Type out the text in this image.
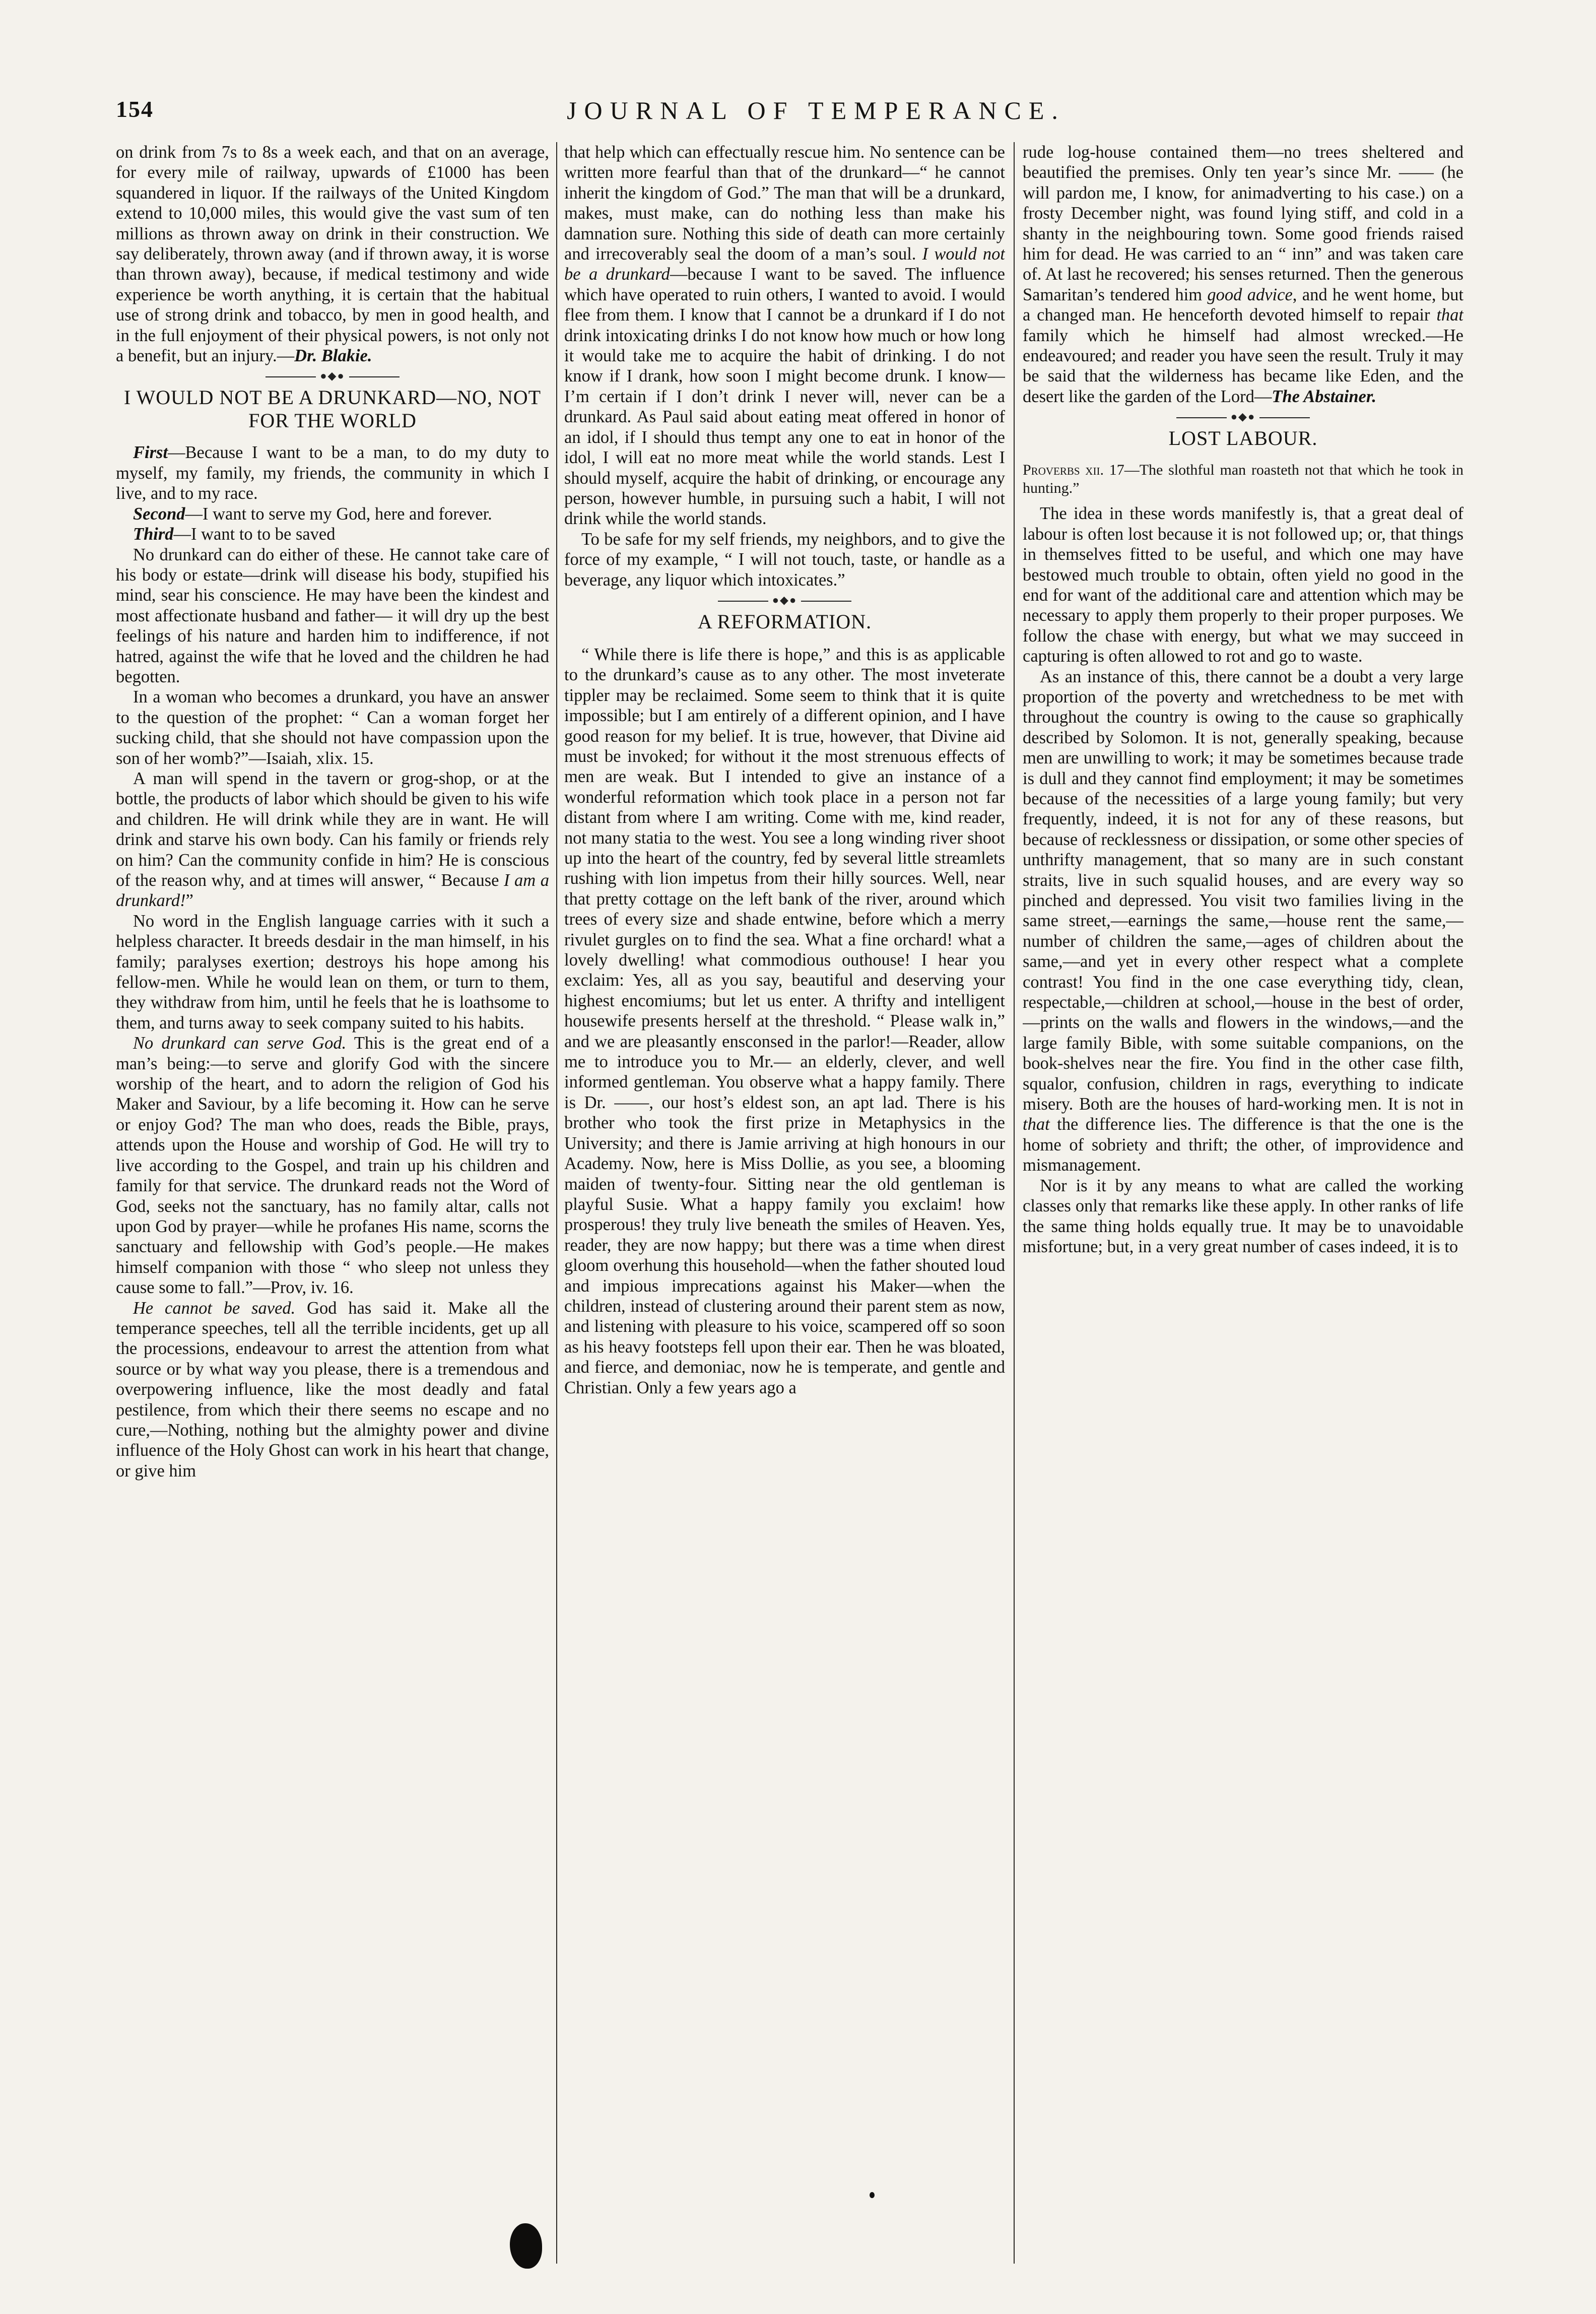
154	JOURNAL OF TEMPERANCE.

on drink from 7s to 8s a week each, and that on an average, for every mile of railway, upwards of £1000 has been squandered in liquor. If the railways of the United Kingdom extend to 10,000 miles, this would give the vast sum of ten millions as thrown away on drink in their construction. We say deliberately, thrown away (and if thrown away, it is worse than thrown away), because, if medical testimony and wide experience be worth anything, it is certain that the habitual use of strong drink and tobacco, by men in good health, and in the full enjoyment of their physical powers, is not only not a benefit, but an injury.—Dr. Blakie.

●◆●
I WOULD NOT BE A DRUNKARD—NO, NOT FOR THE WORLD

First—Because I want to be a man, to do my duty to myself, my family, my friends, the community in which I live, and to my race.

Second—I want to serve my God, here and forever.

Third—I want to to be saved

No drunkard can do either of these. He cannot take care of his body or estate—drink will disease his body, stupified his mind, sear his conscience. He may have been the kindest and most affectionate husband and father— it will dry up the best feelings of his nature and harden him to indifference, if not hatred, against the wife that he loved and the children he had begotten.

In a woman who becomes a drunkard, you have an answer to the question of the prophet: “ Can a woman forget her sucking child, that she should not have compassion upon the son of her womb?”—Isaiah, xlix. 15.

A man will spend in the tavern or grog-shop, or at the bottle, the products of labor which should be given to his wife and children. He will drink while they are in want. He will drink and starve his own body. Can his family or friends rely on him? Can the community confide in him? He is conscious of the reason why, and at times will answer, “ Because I am a drunkard!”

No word in the English language carries with it such a helpless character. It breeds desdair in the man himself, in his family; paralyses exertion; destroys his hope among his fellow-men. While he would lean on them, or turn to them, they withdraw from him, until he feels that he is loathsome to them, and turns away to seek company suited to his habits.

No drunkard can serve God. This is the great end of a man’s being:—to serve and glorify God with the sincere worship of the heart, and to adorn the religion of God his Maker and Saviour, by a life becoming it. How can he serve or enjoy God? The man who does, reads the Bible, prays, attends upon the House and worship of God. He will try to live according to the Gospel, and train up his children and family for that service. The drunkard reads not the Word of God, seeks not the sanctuary, has no family altar, calls not upon God by prayer—while he profanes His name, scorns the sanctuary and fellowship with God’s people.—He makes himself companion with those “ who sleep not unless they cause some to fall.”—Prov, iv. 16.

He cannot be saved. God has said it. Make all the temperance speeches, tell all the terrible incidents, get up all the processions, endeavour to arrest the attention from what source or by what way you please, there is a tremendous and overpowering influence, like the most deadly and fatal pestilence, from which their there seems no escape and no cure,—Nothing, nothing but the almighty power and divine influence of the Holy Ghost can work in his heart that change, or give him

that help which can effectually rescue him. No sentence can be written more fearful than that of the drunkard—“ he cannot inherit the kingdom of God.” The man that will be a drunkard, makes, must make, can do nothing less than make his damnation sure. Nothing this side of death can more certainly and irrecoverably seal the doom of a man’s soul. I would not be a drunkard—because I want to be saved. The influence which have operated to ruin others, I wanted to avoid. I would flee from them. I know that I cannot be a drunkard if I do not drink intoxicating drinks I do not know how much or how long it would take me to acquire the habit of drinking. I do not know if I drank, how soon I might become drunk. I know—I’m certain if I don’t drink I never will, never can be a drunkard. As Paul said about eating meat offered in honor of an idol, if I should thus tempt any one to eat in honor of the idol, I will eat no more meat while the world stands. Lest I should myself, acquire the habit of drinking, or encourage any person, however humble, in pursuing such a habit, I will not drink while the world stands.

To be safe for my self friends, my neighbors, and to give the force of my example, “ I will not touch, taste, or handle as a beverage, any liquor which intoxicates.”

●◆●
A REFORMATION.

“ While there is life there is hope,” and this is as applicable to the drunkard’s cause as to any other. The most inveterate tippler may be reclaimed. Some seem to think that it is quite impossible; but I am entirely of a different opinion, and I have good reason for my belief. It is true, however, that Divine aid must be invoked; for without it the most strenuous effects of men are weak. But I intended to give an instance of a wonderful reformation which took place in a person not far distant from where I am writing. Come with me, kind reader, not many statia to the west. You see a long winding river shoot up into the heart of the country, fed by several little streamlets rushing with lion impetus from their hilly sources. Well, near that pretty cottage on the left bank of the river, around which trees of every size and shade entwine, before which a merry rivulet gurgles on to find the sea. What a fine orchard! what a lovely dwelling! what commodious outhouse! I hear you exclaim: Yes, all as you say, beautiful and deserving your highest encomiums; but let us enter. A thrifty and intelligent housewife presents herself at the threshold. “ Please walk in,” and we are pleasantly ensconsed in the parlor!—Reader, allow me to introduce you to Mr.— an elderly, clever, and well informed gentleman. You observe what a happy family. There is Dr. ——, our host’s eldest son, an apt lad. There is his brother who took the first prize in Metaphysics in the University; and there is Jamie arriving at high honours in our Academy. Now, here is Miss Dollie, as you see, a blooming maiden of twenty-four. Sitting near the old gentleman is playful Susie. What a happy family you exclaim! how prosperous! they truly live beneath the smiles of Heaven. Yes, reader, they are now happy; but there was a time when direst gloom overhung this household—when the father shouted loud and impious imprecations against his Maker—when the children, instead of clustering around their parent stem as now, and listening with pleasure to his voice, scampered off so soon as his heavy footsteps fell upon their ear. Then he was bloated, and fierce, and demoniac, now he is temperate, and gentle and Christian. Only a few years ago a

rude log-house contained them—no trees sheltered and beautified the premises. Only ten year’s since Mr. —— (he will pardon me, I know, for animadverting to his case.) on a frosty December night, was found lying stiff, and cold in a shanty in the neighbouring town. Some good friends raised him for dead. He was carried to an “ inn” and was taken care of. At last he recovered; his senses returned. Then the generous Samaritan’s tendered him good advice, and he went home, but a changed man. He henceforth devoted himself to repair that family which he himself had almost wrecked.—He endeavoured; and reader you have seen the result. Truly it may be said that the wilderness has became like Eden, and the desert like the garden of the Lord—The Abstainer.

●◆●
LOST LABOUR.

Proverbs xii. 17—The slothful man roasteth not that which he took in hunting.”

The idea in these words manifestly is, that a great deal of labour is often lost because it is not followed up; or, that things in themselves fitted to be useful, and which one may have bestowed much trouble to obtain, often yield no good in the end for want of the additional care and attention which may be necessary to apply them properly to their proper purposes. We follow the chase with energy, but what we may succeed in capturing is often allowed to rot and go to waste.

As an instance of this, there cannot be a doubt a very large proportion of the poverty and wretchedness to be met with throughout the country is owing to the cause so graphically described by Solomon. It is not, generally speaking, because men are unwilling to work; it may be sometimes because trade is dull and they cannot find employment; it may be sometimes because of the necessities of a large young family; but very frequently, indeed, it is not for any of these reasons, but because of recklessness or dissipation, or some other species of unthrifty management, that so many are in such constant straits, live in such squalid houses, and are every way so pinched and depressed. You visit two families living in the same street,—earnings the same,—house rent the same,—number of children the same,—ages of children about the same,—and yet in every other respect what a complete contrast! You find in the one case everything tidy, clean, respectable,—children at school,—house in the best of order,—prints on the walls and flowers in the windows,—and the large family Bible, with some suitable companions, on the book-shelves near the fire. You find in the other case filth, squalor, confusion, children in rags, everything to indicate misery. Both are the houses of hard-working men. It is not in that the difference lies. The difference is that the one is the home of sobriety and thrift; the other, of improvidence and mismanagement.

Nor is it by any means to what are called the working classes only that remarks like these apply. In other ranks of life the same thing holds equally true. It may be to unavoidable misfortune; but, in a very great number of cases indeed, it is to
